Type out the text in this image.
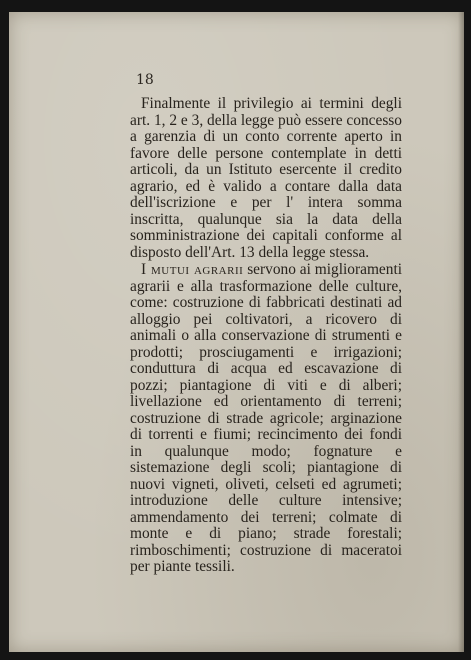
18

Finalmente il privilegio ai termini degli art. 1, 2 e 3, della legge può essere concesso a garenzia di un conto corrente aperto in favore delle persone contemplate in detti articoli, da un Istituto esercente il credito agrario, ed è valido a contare dalla data dell'iscrizione e per l' intera somma inscritta, qualunque sia la data della somministrazione dei capitali conforme al disposto dell'Art. 13 della legge stessa.

I mutui agrarii servono ai miglioramenti agrarii e alla trasformazione delle culture, come: costruzione di fabbricati destinati ad alloggio pei coltivatori, a ricovero di animali o alla conservazione di strumenti e prodotti; prosciugamenti e irrigazioni; conduttura di acqua ed escavazione di pozzi; piantagione di viti e di alberi; livellazione ed orientamento di terreni; costruzione di strade agricole; arginazione di torrenti e fiumi; recincimento dei fondi in qualunque modo; fognature e sistemazione degli scoli; piantagione di nuovi vigneti, oliveti, celseti ed agrumeti; introduzione delle culture intensive; ammendamento dei terreni; colmate di monte e di piano; strade forestali; rimboschimenti; costruzione di maceratoi per piante tessili.
